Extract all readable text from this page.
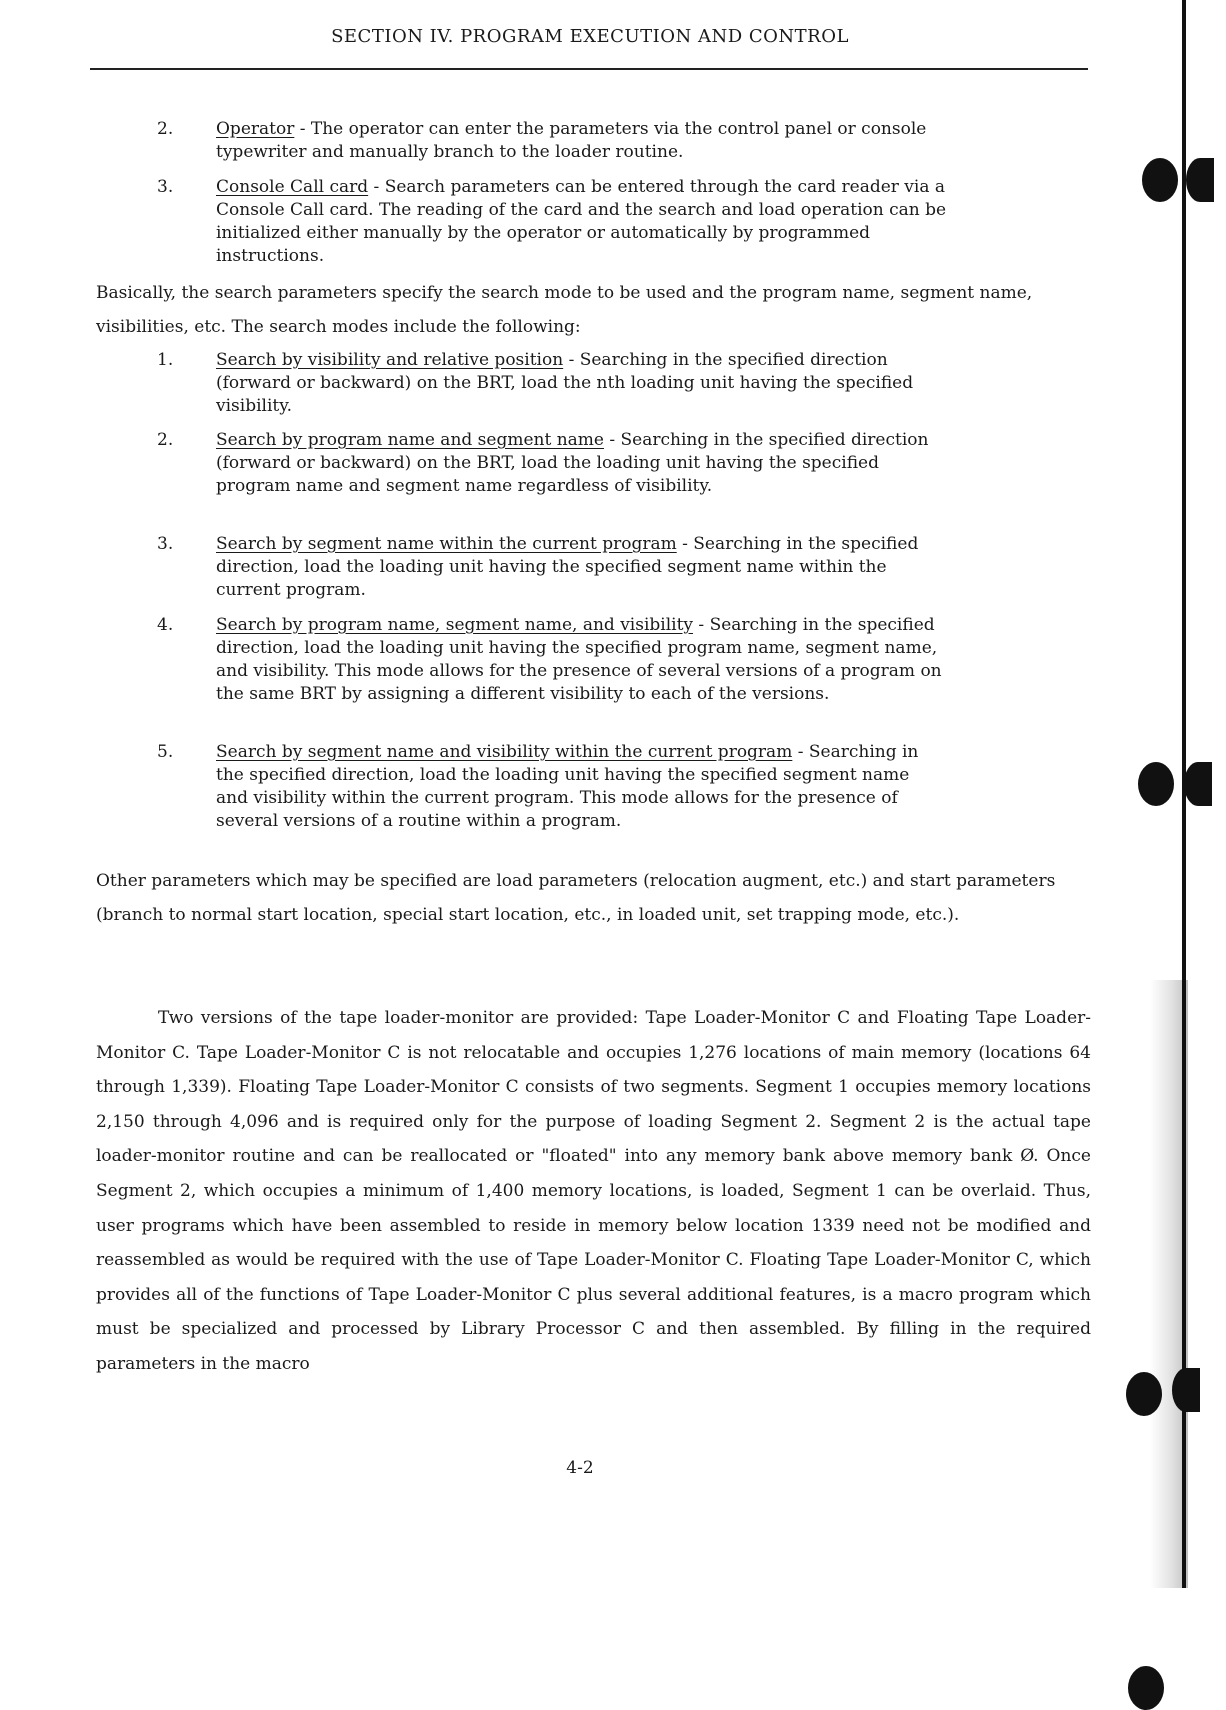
SECTION IV. PROGRAM EXECUTION AND CONTROL
2.	Operator - The operator can enter the parameters via the control panel or console typewriter and manually branch to the loader routine.
3.	Console Call card - Search parameters can be entered through the card reader via a Console Call card. The reading of the card and the search and load operation can be initialized either manually by the operator or automatically by programmed instructions.

Basically, the search parameters specify the search mode to be used and the program name, segment name, visibilities, etc. The search modes include the following:

1.	Search by visibility and relative position - Searching in the specified direction (forward or backward) on the BRT, load the nth loading unit having the specified visibility.
2.	Search by program name and segment name - Searching in the specified direction (forward or backward) on the BRT, load the loading unit having the specified program name and segment name regardless of visibility.
3.	Search by segment name within the current program - Searching in the specified direction, load the loading unit having the specified segment name within the current program.
4.	Search by program name, segment name, and visibility - Searching in the specified direction, load the loading unit having the specified program name, segment name, and visibility. This mode allows for the presence of several versions of a program on the same BRT by assigning a different visibility to each of the versions.
5.	Search by segment name and visibility within the current program - Searching in the specified direction, load the loading unit having the specified segment name and visibility within the current program. This mode allows for the presence of several versions of a routine within a program.

Other parameters which may be specified are load parameters (relocation augment, etc.) and start parameters (branch to normal start location, special start location, etc., in loaded unit, set trapping mode, etc.).

Two versions of the tape loader-monitor are provided: Tape Loader-Monitor C and Floating Tape Loader-Monitor C. Tape Loader-Monitor C is not relocatable and occupies 1,276 locations of main memory (locations 64 through 1,339). Floating Tape Loader-Monitor C consists of two segments. Segment 1 occupies memory locations 2,150 through 4,096 and is required only for the purpose of loading Segment 2. Segment 2 is the actual tape loader-monitor routine and can be reallocated or "floated" into any memory bank above memory bank Ø. Once Segment 2, which occupies a minimum of 1,400 memory locations, is loaded, Segment 1 can be overlaid. Thus, user programs which have been assembled to reside in memory below location 1339 need not be modified and reassembled as would be required with the use of Tape Loader-Monitor C. Floating Tape Loader-Monitor C, which provides all of the functions of Tape Loader-Monitor C plus several additional features, is a macro program which must be specialized and processed by Library Processor C and then assembled. By filling in the required parameters in the macro

4-2
